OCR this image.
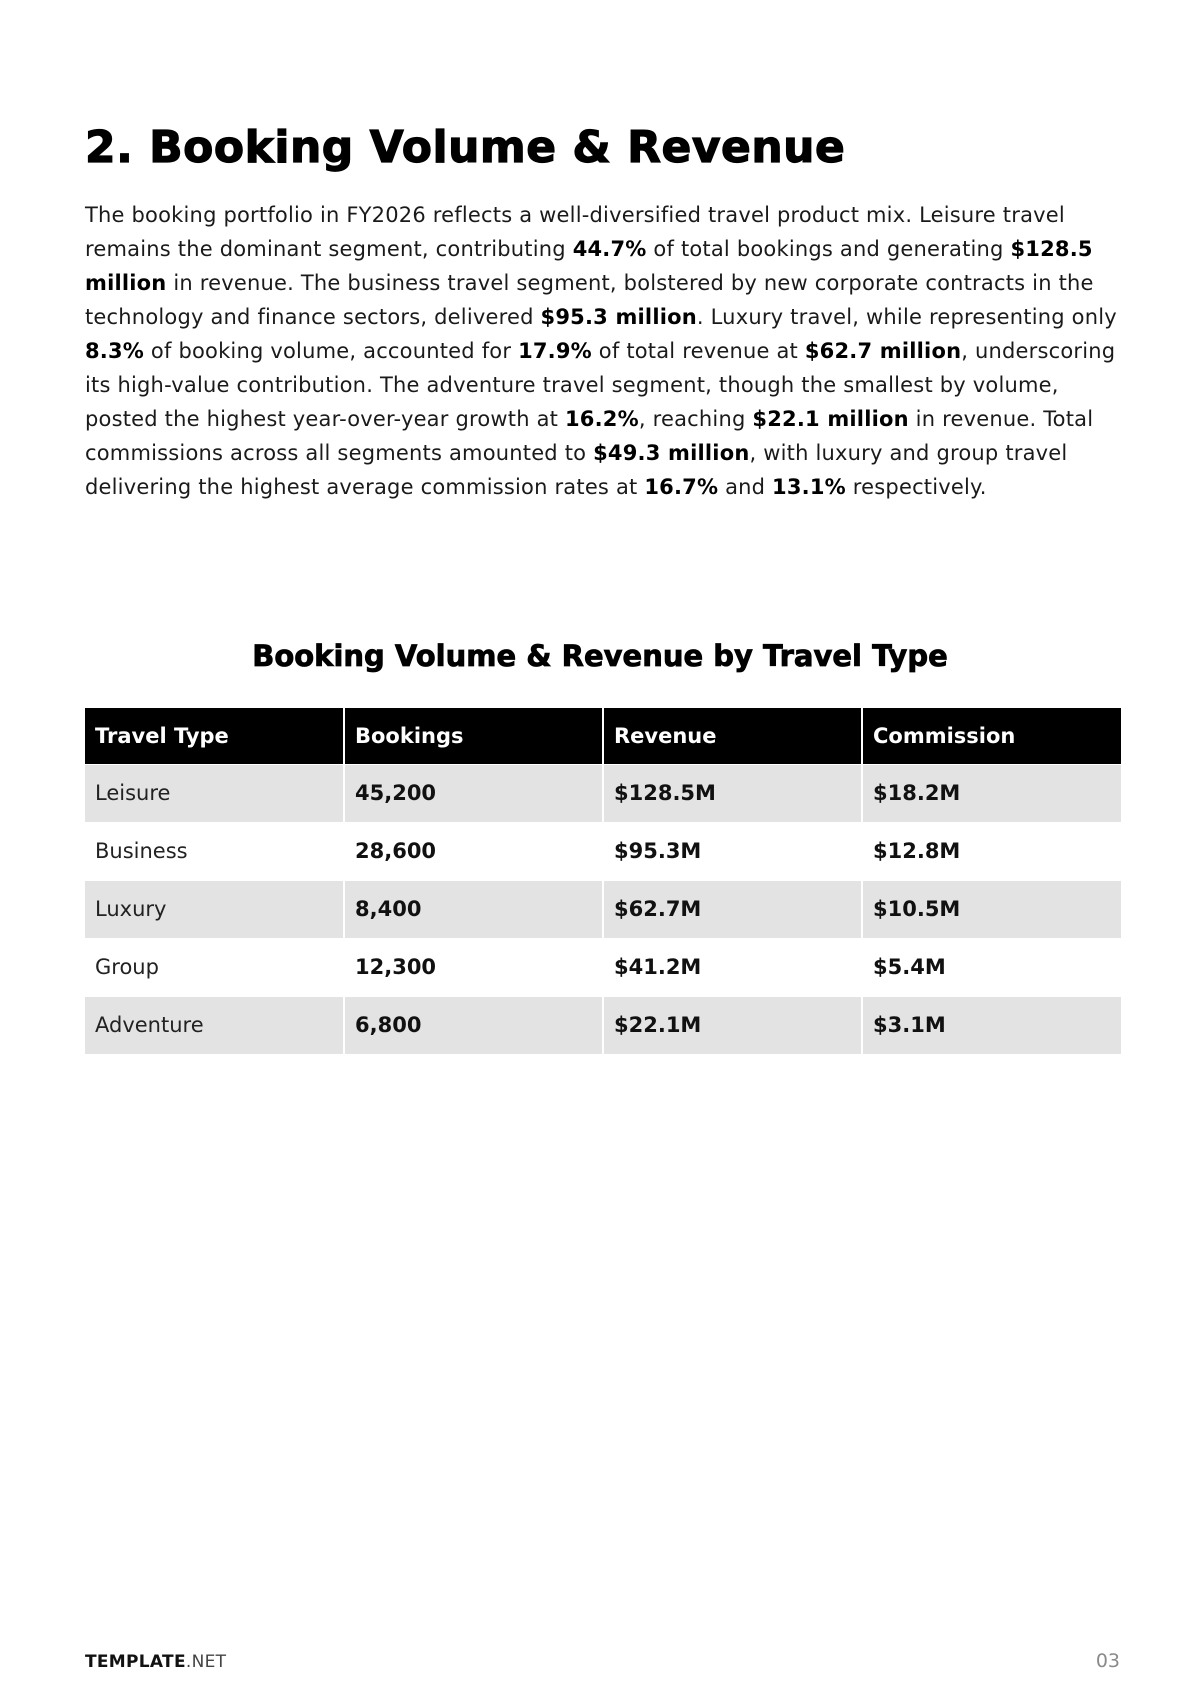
2. Booking Volume & Revenue

The booking portfolio in FY2026 reflects a well-diversified travel product mix. Leisure travel remains the dominant segment, contributing 44.7% of total bookings and generating $128.5 million in revenue. The business travel segment, bolstered by new corporate contracts in the technology and finance sectors, delivered $95.3 million. Luxury travel, while representing only 8.3% of booking volume, accounted for 17.9% of total revenue at $62.7 million, underscoring its high-value contribution. The adventure travel segment, though the smallest by volume, posted the highest year-over-year growth at 16.2%, reaching $22.1 million in revenue. Total commissions across all segments amounted to $49.3 million, with luxury and group travel delivering the highest average commission rates at 16.7% and 13.1% respectively.

Booking Volume & Revenue by Travel Type
Travel Type	Bookings	Revenue	Commission
Leisure	45,200	$128.5M	$18.2M
Business	28,600	$95.3M	$12.8M
Luxury	8,400	$62.7M	$10.5M
Group	12,300	$41.2M	$5.4M
Adventure	6,800	$22.1M	$3.1M
TEMPLATE.NET	03
